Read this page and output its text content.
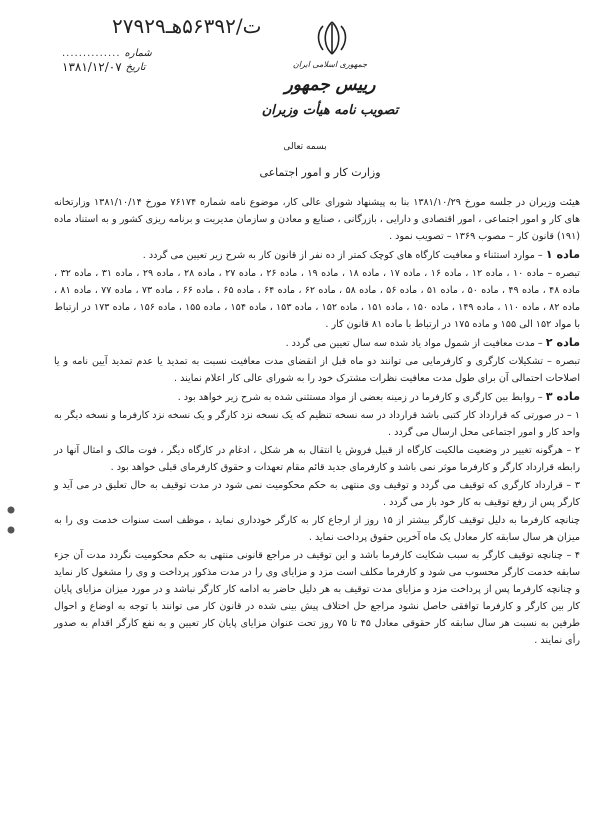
۲۷۹۲۹ت/۵۶۳۹۲هـ
شماره
..............
تاریخ
۱۳۸۱/۱۲/۰۷	جمهوری اسلامی ایران
رییس جمهور
تصویب نامه هیأت وزیران
بسمه تعالی
وزارت کار و امور اجتماعی

هیئت وزیران در جلسه مورخ ۱۳۸۱/۱۰/۲۹ بنا به پیشنهاد شورای عالی کار، موضوع نامه شماره ۷۶۱۷۴ مورخ ۱۳۸۱/۱۰/۱۴ وزارتخانه های کار و امور اجتماعی ، امور اقتصادی و دارایی ، بازرگانی ، صنایع و معادن و سازمان مدیریت و برنامه ریزی کشور و به استناد ماده (۱۹۱) قانون کار – مصوب ۱۳۶۹ – تصویب نمود .

ماده ۱ – موارد استثناء و معافیت کارگاه های کوچک کمتر از ده نفر از قانون کار به شرح زیر تعیین می گردد .

تبصره – ماده ۱۰ ، ماده ۱۲ ، ماده ۱۶ ، ماده ۱۷ ، ماده ۱۸ ، ماده ۱۹ ، ماده ۲۶ ، ماده ۲۷ ، ماده ۲۸ ، ماده ۲۹ ، ماده ۳۱ ، ماده ۳۲ ، ماده ۴۸ ، ماده ۴۹ ، ماده ۵۰ ، ماده ۵۱ ، ماده ۵۶ ، ماده ۵۸ ، ماده ۶۲ ، ماده ۶۴ ، ماده ۶۵ ، ماده ۶۶ ، ماده ۷۳ ، ماده ۷۷ ، ماده ۸۱ ، ماده ۸۲ ، ماده ۱۱۰ ، ماده ۱۴۹ ، ماده ۱۵۰ ، ماده ۱۵۱ ، ماده ۱۵۲ ، ماده ۱۵۳ ، ماده ۱۵۴ ، ماده ۱۵۵ ، ماده ۱۵۶ ، ماده ۱۷۳ در ارتباط با مواد ۱۵۲ الی ۱۵۵ و ماده ۱۷۵ در ارتباط با ماده ۸۱ قانون کار .

ماده ۲ – مدت معافیت از شمول مواد یاد شده سه سال تعیین می گردد .

تبصره – تشکیلات کارگری و کارفرمایی می توانند دو ماه قبل از انقضای مدت معافیت نسبت به تمدید یا عدم تمدید آیین نامه و یا اصلاحات احتمالی آن برای طول مدت معافیت نظرات مشترک خود را به شورای عالی کار اعلام نمایند .

ماده ۳ – روابط بین کارگری و کارفرما در زمینه بعضی از مواد مستثنی شده به شرح زیر خواهد بود .

۱ – در صورتی که قرارداد کار کتبی باشد قرارداد در سه نسخه تنظیم که یک نسخه نزد کارگر و یک نسخه نزد کارفرما و نسخه دیگر به واحد کار و امور اجتماعی محل ارسال می گردد .

۲ – هرگونه تغییر در وضعیت مالکیت کارگاه از قبیل فروش یا انتقال به هر شکل ، ادغام در کارگاه دیگر ، فوت مالک و امثال آنها در رابطه قرارداد کارگر و کارفرما موثر نمی باشد و کارفرمای جدید قائم مقام تعهدات و حقوق کارفرمای قبلی خواهد بود .

۳ – قرارداد کارگری که توقیف می گردد و توقیف وی منتهی به حکم محکومیت نمی شود در مدت توقیف به حال تعلیق در می آید و کارگر پس از رفع توقیف به کار خود باز می گردد .

چنانچه کارفرما به دلیل توقیف کارگر بیشتر از ۱۵ روز از ارجاع کار به کارگر خودداری نماید ، موظف است سنوات خدمت وی را به میزان هر سال سابقه کار معادل یک ماه آخرین حقوق پرداخت نماید .

۴ – چنانچه توقیف کارگر به سبب شکایت کارفرما باشد و این توقیف در مراجع قانونی منتهی به حکم محکومیت نگردد مدت آن جزء سابقه خدمت کارگر محسوب می شود و کارفرما مکلف است مزد و مزایای وی را در مدت مذکور پرداخت و وی را مشغول کار نماید و چنانچه کارفرما پس از پرداخت مزد و مزایای مدت توقیف به هر دلیل حاضر به ادامه کار کارگر نباشد و در مورد میزان مزایای پایان کار بین کارگر و کارفرما توافقی حاصل نشود مراجع حل اختلاف پیش بینی شده در قانون کار می توانند با توجه به اوضاع و احوال طرفین به نسبت هر سال سابقه کار حقوقی معادل ۴۵ تا ۷۵ روز تحت عنوان مزایای پایان کار تعیین و به نفع کارگر اقدام به صدور رأی نمایند .
